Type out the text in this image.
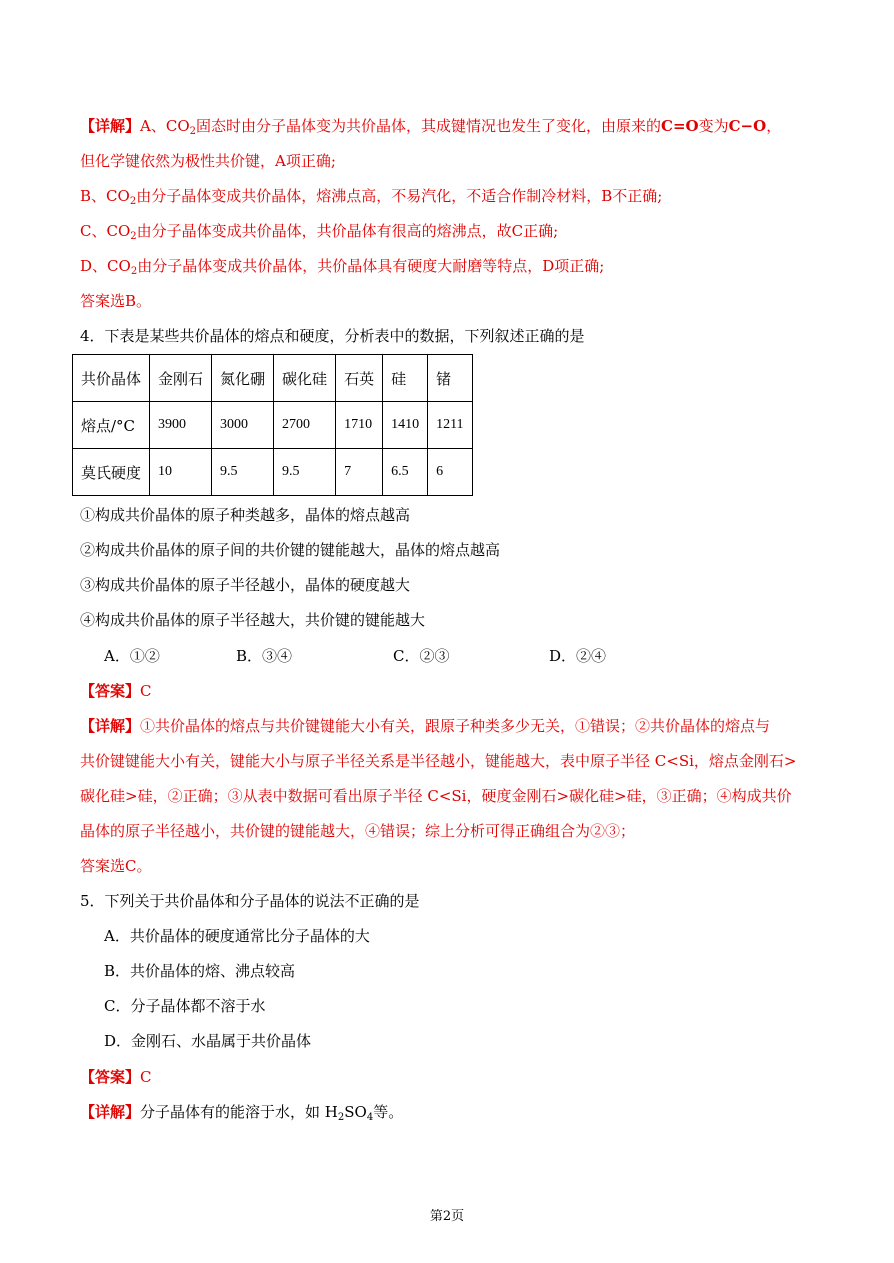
【详解】A、$CO_2$固态时由分子晶体变为共价晶体，其成键情况也发生了变化，由原来的C=O变为C−O，
但化学键依然为极性共价键，A项正确;
B、$CO_2$由分子晶体变成共价晶体，熔沸点高，不易汽化，不适合作制冷材料，B不正确;
C、$CO_2$由分子晶体变成共价晶体，共价晶体有很高的熔沸点，故C正确;
D、$CO_2$由分子晶体变成共价晶体，共价晶体具有硬度大耐磨等特点，D项正确;
答案选B。
4．下表是某些共价晶体的熔点和硬度，分析表中的数据，下列叙述正确的是
共价晶体	金刚石	氮化硼	碳化硅	石英	硅	锗
熔点/°C	3900	3000	2700	1710	1410	1211
莫氏硬度	10	9.5	9.5	7	6.5	6
①构成共价晶体的原子种类越多，晶体的熔点越高
②构成共价晶体的原子间的共价键的键能越大，晶体的熔点越高
③构成共价晶体的原子半径越小，晶体的硬度越大
④构成共价晶体的原子半径越大，共价键的键能越大
A．①②	B．③④	C．②③	D．②④
【答案】C
【详解】①共价晶体的熔点与共价键键能大小有关，跟原子种类多少无关，①错误；②共价晶体的熔点与
共价键键能大小有关，键能大小与原子半径关系是半径越小，键能越大，表中原子半径 C<Si，熔点金刚石>
碳化硅>硅，②正确；③从表中数据可看出原子半径 C<Si，硬度金刚石>碳化硅>硅，③正确；④构成共价
晶体的原子半径越小，共价键的键能越大，④错误；综上分析可得正确组合为②③；
答案选C。
5．下列关于共价晶体和分子晶体的说法不正确的是
A．共价晶体的硬度通常比分子晶体的大
B．共价晶体的熔、沸点较高
C．分子晶体都不溶于水
D．金刚石、水晶属于共价晶体
【答案】C
【详解】分子晶体有的能溶于水，如 $H_2SO_4$等。
第2页
